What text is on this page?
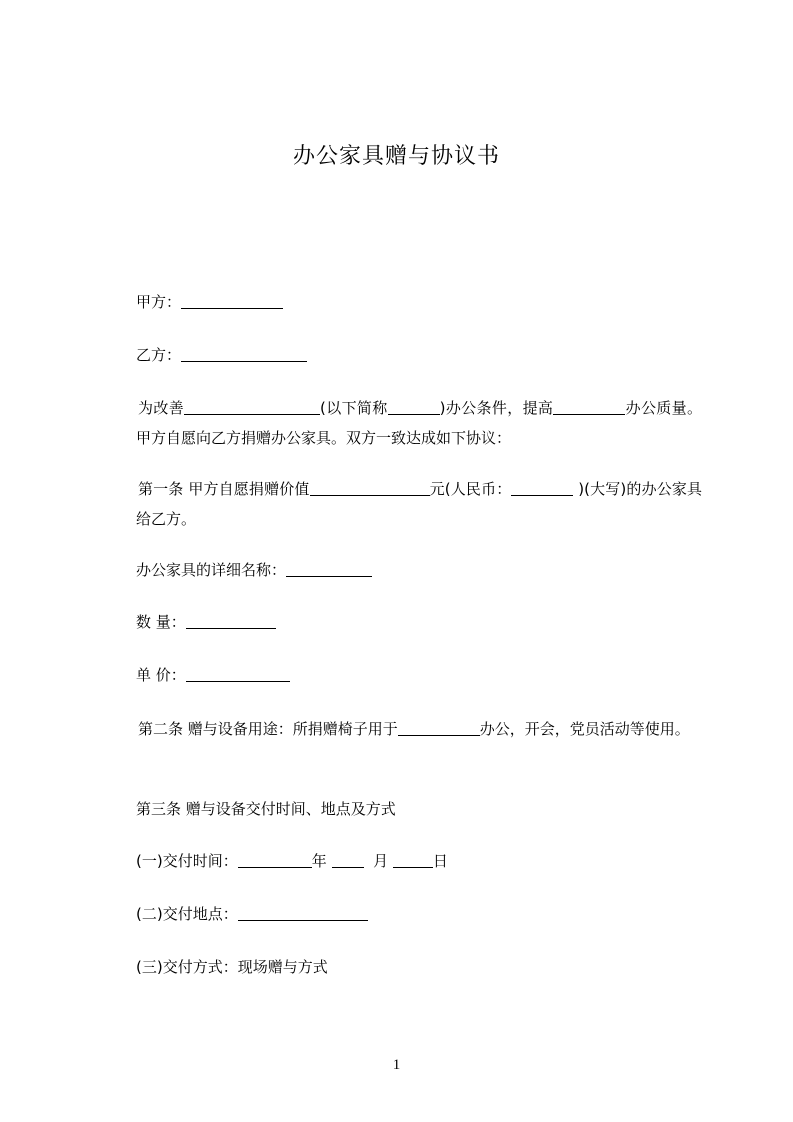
办公家具赠与协议书
甲方：
乙方：
为改善	(以下简称	)办公条件，提高	办公质量。甲方自愿向乙方捐赠办公家具。双方一致达成如下协议：
第一条 甲方自愿捐赠价值	元(人民币：	)(大写)的办公家具给乙方。
办公家具的详细名称：
数 量：
单 价：
第二条 赠与设备用途：所捐赠椅子用于	办公，开会，党员活动等使用。
第三条 赠与设备交付时间、地点及方式
(一)交付时间：	年	月	日
(二)交付地点：
(三)交付方式：现场赠与方式
1
